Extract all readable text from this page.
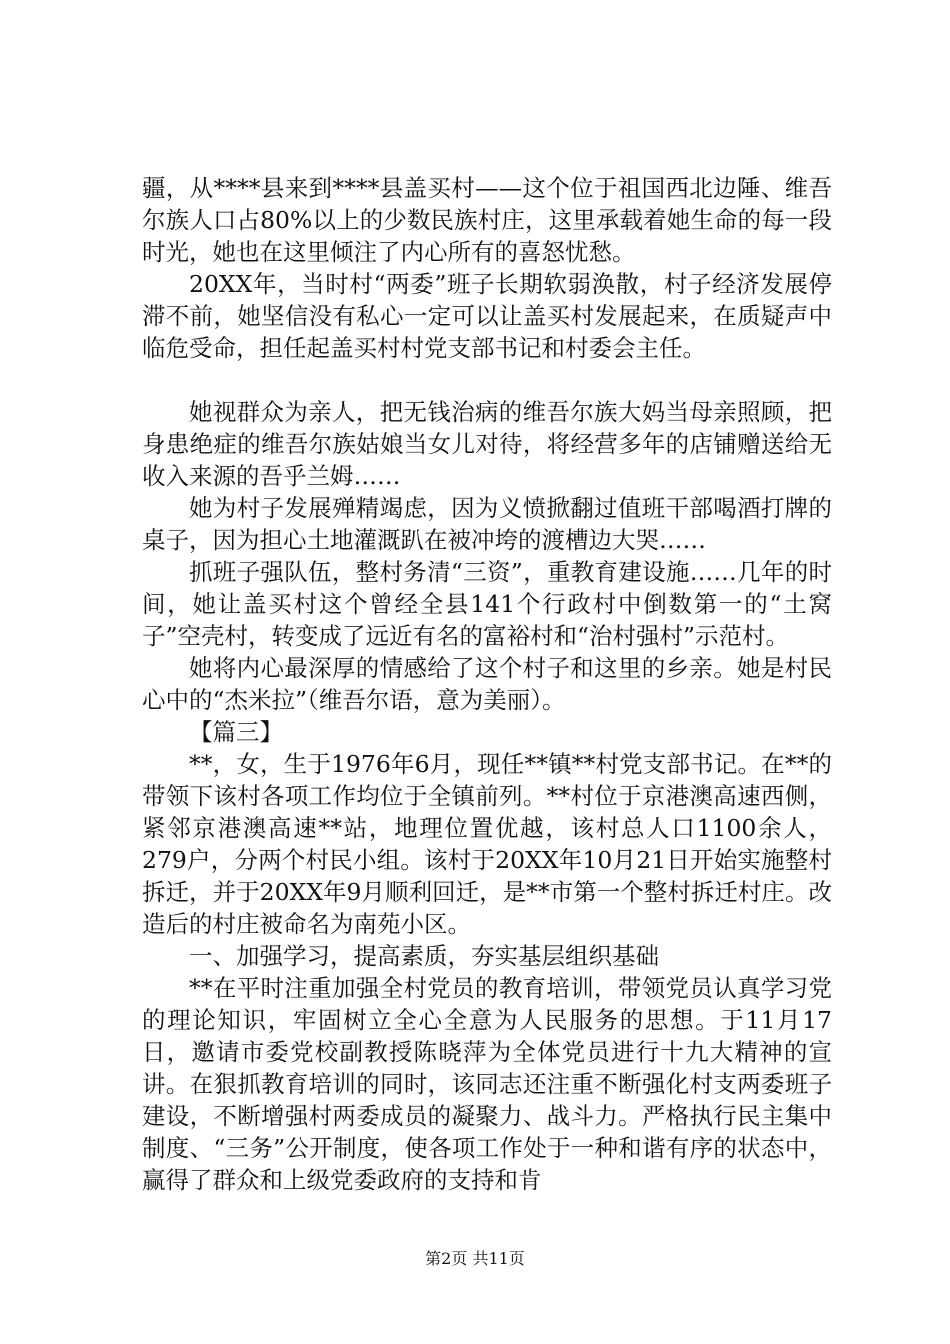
疆，从****县来到****县盖买村——这个位于祖国西北边陲、维吾尔族人口占80%以上的少数民族村庄，这里承载着她生命的每一段时光，她也在这里倾注了内心所有的喜怒忧愁。

20XX年，当时村“两委”班子长期软弱涣散，村子经济发展停滞不前，她坚信没有私心一定可以让盖买村发展起来，在质疑声中临危受命，担任起盖买村村党支部书记和村委会主任。

她视群众为亲人，把无钱治病的维吾尔族大妈当母亲照顾，把身患绝症的维吾尔族姑娘当女儿对待，将经营多年的店铺赠送给无收入来源的吾乎兰姆……

她为村子发展殚精竭虑，因为义愤掀翻过值班干部喝酒打牌的桌子，因为担心土地灌溉趴在被冲垮的渡槽边大哭……

抓班子强队伍，整村务清“三资”，重教育建设施……几年的时间，她让盖买村这个曾经全县141个行政村中倒数第一的“土窝子”空壳村，转变成了远近有名的富裕村和“治村强村”示范村。

她将内心最深厚的情感给了这个村子和这里的乡亲。她是村民心中的“杰米拉”（维吾尔语，意为美丽）。

【篇三】

**，女，生于1976年6月，现任**镇**村党支部书记。在**的带领下该村各项工作均位于全镇前列。**村位于京港澳高速西侧，紧邻京港澳高速**站，地理位置优越，该村总人口1100余人，279户，分两个村民小组。该村于20XX年10月21日开始实施整村拆迁，并于20XX年9月顺利回迁，是**市第一个整村拆迁村庄。改造后的村庄被命名为南苑小区。

一、加强学习，提高素质，夯实基层组织基础

**在平时注重加强全村党员的教育培训，带领党员认真学习党的理论知识，牢固树立全心全意为人民服务的思想。于11月17日，邀请市委党校副教授陈晓萍为全体党员进行十九大精神的宣讲。在狠抓教育培训的同时，该同志还注重不断强化村支两委班子建设，不断增强村两委成员的凝聚力、战斗力。严格执行民主集中制度、“三务”公开制度，使各项工作处于一种和谐有序的状态中，赢得了群众和上级党委政府的支持和肯

第2页 共11页
